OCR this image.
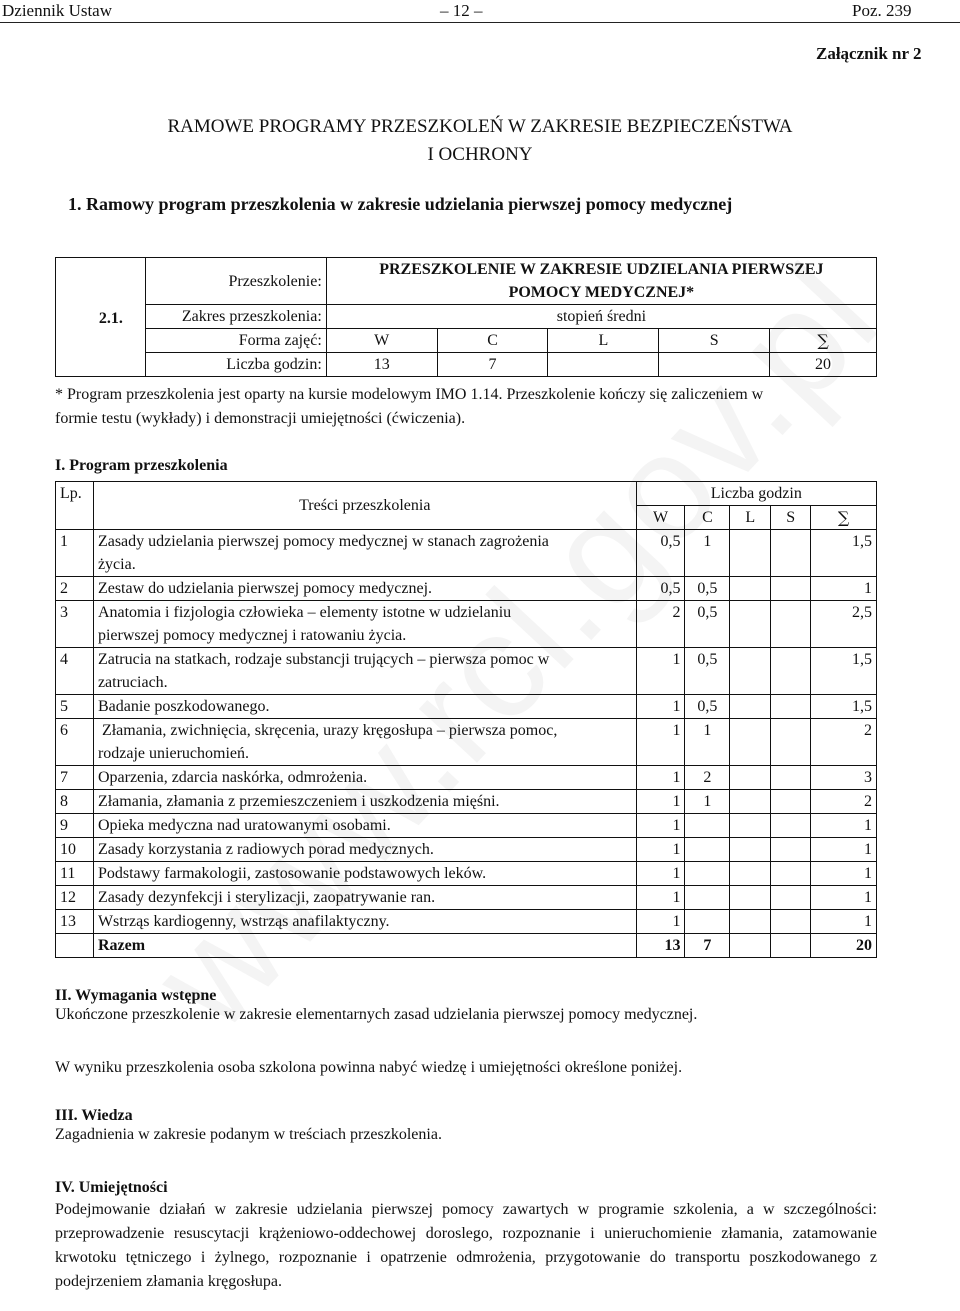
Dziennik Ustaw	– 12 –	Poz. 239
Załącznik nr 2
RAMOWE PROGRAMY PRZESZKOLEŃ W ZAKRESIE BEZPIECZEŃSTWA
I OCHRONY
1. Ramowy program przeszkolenia w zakresie udzielania pierwszej pomocy medycznej
2.1.	Przeszkolenie:	PRZESZKOLENIE W ZAKRESIE UDZIELANIA PIERWSZEJ
POMOCY MEDYCZNEJ*				

	Zakres przeszkolenia:	stopień średni				
	Forma zajęć:	W	C	L	S	∑
	Liczba godzin:	13	7			20
* Program przeszkolenia jest oparty na kursie modelowym IMO 1.14. Przeszkolenie kończy się zaliczeniem w
formie testu (wykłady) i demonstracji umiejętności (ćwiczenia).
I. Program przeszkolenia
Lp.	Treści przeszkolenia	Liczba godzin				
		W	C	L	S	∑
1	Zasady udzielania pierwszej pomocy medycznej w stanach zagrożenia
życia.	0,5	1			1,5
2	Zestaw do udzielania pierwszej pomocy medycznej.	0,5	0,5			1
3	Anatomia i fizjologia człowieka – elementy istotne w udzielaniu
pierwszej pomocy medycznej i ratowaniu życia.	2	0,5			2,5
4	Zatrucia na statkach, rodzaje substancji trujących – pierwsza pomoc w
zatruciach.	1	0,5			1,5
5	Badanie poszkodowanego.	1	0,5			1,5
6	Złamania, zwichnięcia, skręcenia, urazy kręgosłupa – pierwsza pomoc,
rodzaje unieruchomień.	1	1			2
7	Oparzenia, zdarcia naskórka, odmrożenia.	1	2			3
8	Złamania, złamania z przemieszczeniem i uszkodzenia mięśni.	1	1			2
9	Opieka medyczna nad uratowanymi osobami.	1				1
10	Zasady korzystania z radiowych porad medycznych.	1				1
11	Podstawy farmakologii, zastosowanie podstawowych leków.	1				1
12	Zasady dezynfekcji i sterylizacji, zaopatrywanie ran.	1				1
13	Wstrząs kardiogenny, wstrząs anafilaktyczny.	1				1
	Razem	13	7			20
II. Wymagania wstępne
Ukończone przeszkolenie w zakresie elementarnych zasad udzielania pierwszej pomocy medycznej.
W wyniku przeszkolenia osoba szkolona powinna nabyć wiedzę i umiejętności określone poniżej.
III. Wiedza
Zagadnienia w zakresie podanym w treściach przeszkolenia.
IV. Umiejętności

Podejmowanie działań w zakresie udzielania pierwszej pomocy zawartych w programie szkolenia, a w szczególności: przeprowadzenie resuscytacji krążeniowo-oddechowej doroslego, rozpoznanie i unieruchomienie złamania, zatamowanie krwotoku tętniczego i żylnego, rozpoznanie i opatrzenie odmrożenia, przygotowanie do transportu poszkodowanego z podejrzeniem złamania kręgosłupa.
